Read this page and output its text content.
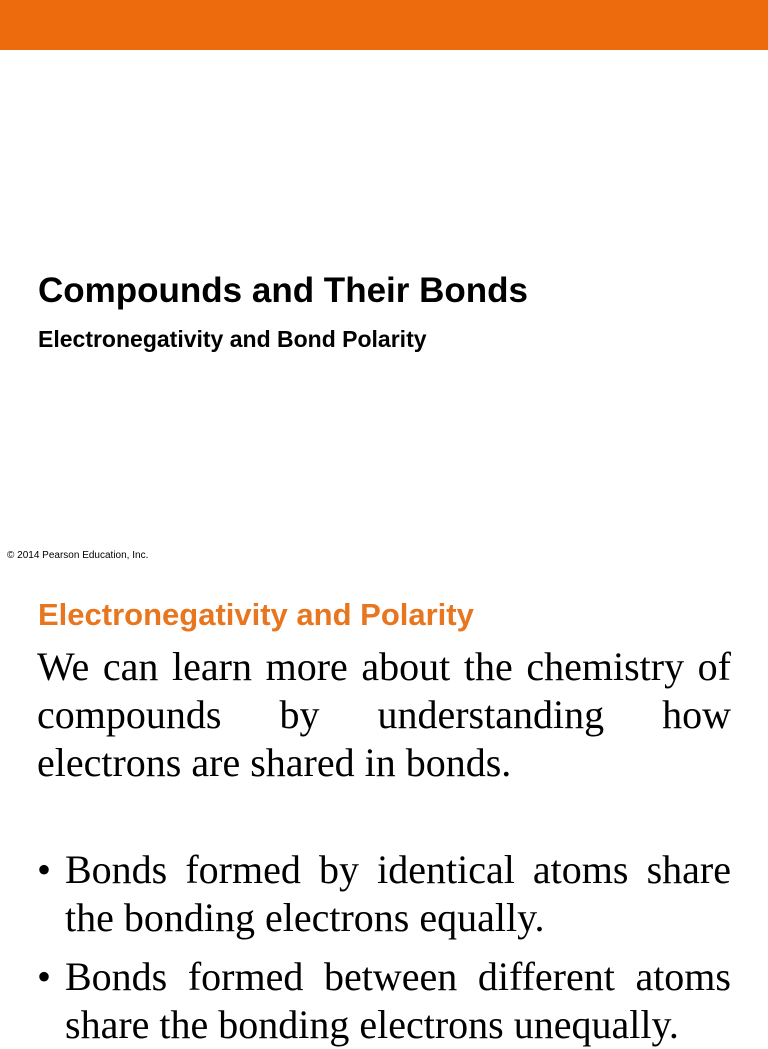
Compounds and Their Bonds
Electronegativity and Bond Polarity
© 2014 Pearson Education, Inc.
Electronegativity and Polarity
We can learn more about the chemistry of compounds by understanding how electrons are shared in bonds.
• Bonds formed by identical atoms share the bonding electrons equally.
• Bonds formed between different atoms share the bonding electrons unequally.
